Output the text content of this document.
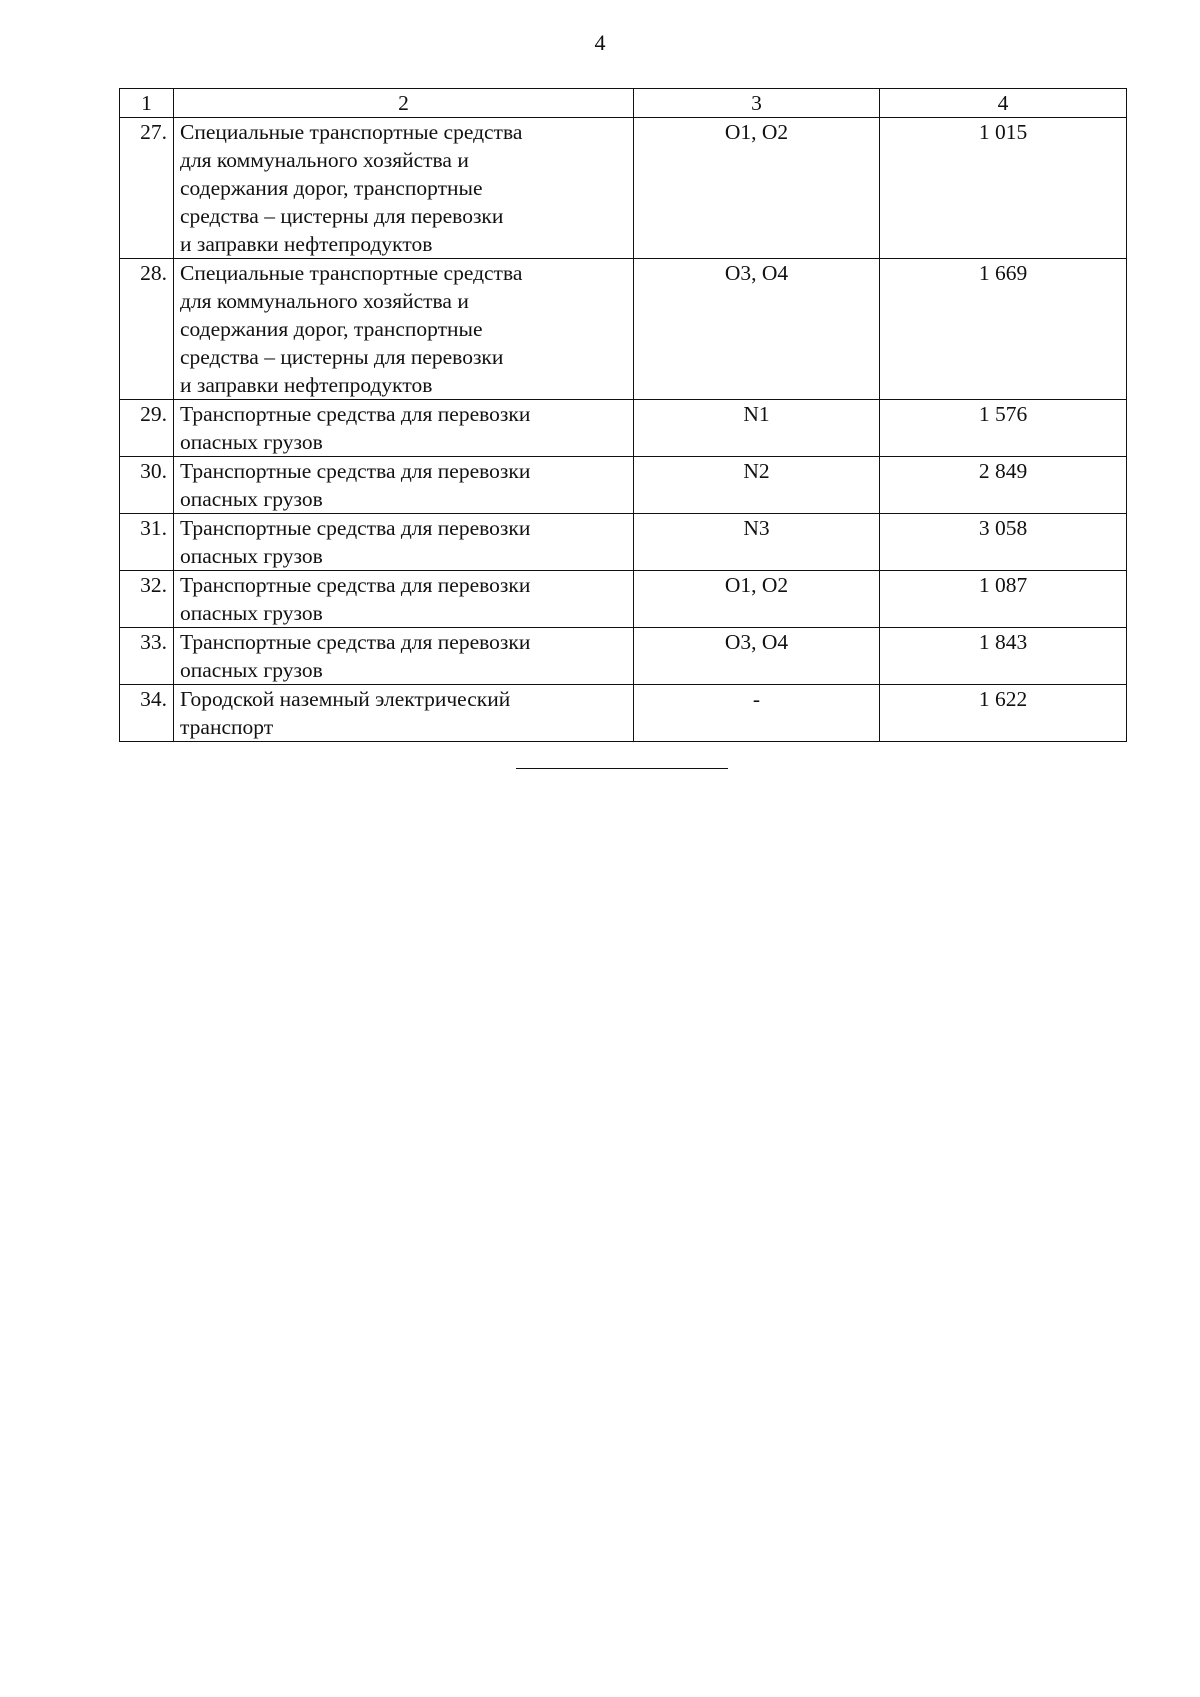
4
1	2	3	4
27.	Специальные транспортные средства
для коммунального хозяйства и
содержания дорог, транспортные
средства – цистерны для перевозки
и заправки нефтепродуктов	O1, O2	1 015
28.	Специальные транспортные средства
для коммунального хозяйства и
содержания дорог, транспортные
средства – цистерны для перевозки
и заправки нефтепродуктов	O3, O4	1 669
29.	Транспортные средства для перевозки
опасных грузов	N1	1 576
30.	Транспортные средства для перевозки
опасных грузов	N2	2 849
31.	Транспортные средства для перевозки
опасных грузов	N3	3 058
32.	Транспортные средства для перевозки
опасных грузов	O1, O2	1 087
33.	Транспортные средства для перевозки
опасных грузов	O3, O4	1 843
34.	Городской наземный электрический
транспорт	-	1 622
